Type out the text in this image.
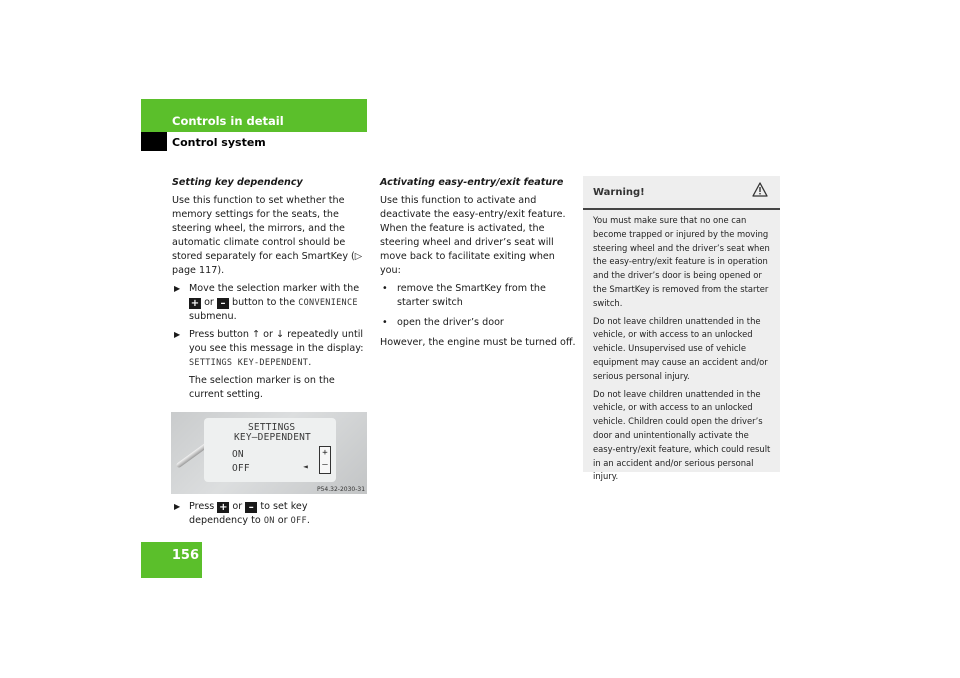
Controls in detail
Control system
Setting key dependency
Use this function to set whether the memory settings for the seats, the steering wheel, the mirrors, and the automatic climate control should be stored separately for each SmartKey (▷ page 117).
▶ Move the selection marker with the + or – button to the CONVENIENCE submenu.
▶ Press button ↑ or ↓ repeatedly until you see this message in the display: SETTINGS KEY-DEPENDENT.
The selection marker is on the current setting.
SETTINGS
KEY–DEPENDENT
ON
OFF	◄
+
–
P54.32-2030-31
▶ Press + or – to set key dependency to ON or OFF.
Activating easy-entry/exit feature
Use this function to activate and deactivate the easy-entry/exit feature. When the feature is activated, the steering wheel and driver’s seat will move back to facilitate exiting when you:
• remove the SmartKey from the starter switch
• open the driver’s door
However, the engine must be turned off.
Warning!

You must make sure that no one can become trapped or injured by the moving steering wheel and the driver’s seat when the easy-entry/exit feature is in operation and the driver’s door is being opened or the SmartKey is removed from the starter switch.

Do not leave children unattended in the vehicle, or with access to an unlocked vehicle. Unsupervised use of vehicle equipment may cause an accident and/or serious personal injury.

Do not leave children unattended in the vehicle, or with access to an unlocked vehicle. Children could open the driver’s door and unintentionally activate the easy-entry/exit feature, which could result in an accident and/or serious personal injury.

156
